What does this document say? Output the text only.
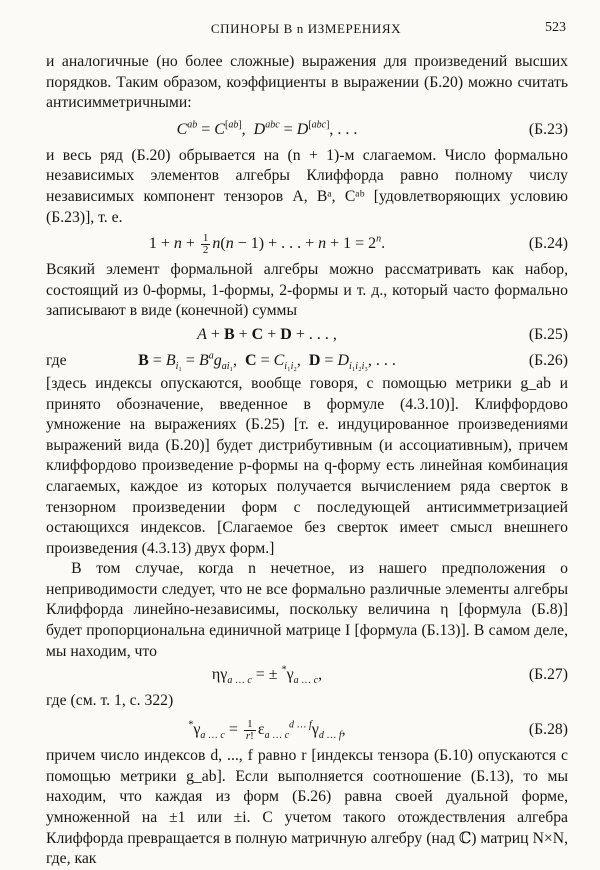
СПИНОРЫ В n ИЗМЕРЕНИЯХ	523

и аналогичные (но более сложные) выражения для произведений высших порядков. Таким образом, коэффициенты в выражении (Б.20) можно считать антисимметричными:

$C^{ab} = C[ab]$,  $D^{abc} = D[abc]$, . . .	(Б.23)

и весь ряд (Б.20) обрывается на (n + 1)-м слагаемом. Число формально независимых элементов алгебры Клиффорда равно полному числу независимых компонент тензоров A, Bᵃ, Cᵃᵇ [удовлетворяющих условию (Б.23)], т. е.

$1 + n + \frac{1}{2} n(n - 1)$ + . . . + $n + 1 = 2^n$.	(Б.24)

Всякий элемент формальной алгебры можно рассматривать как набор, состоящий из 0-формы, 1-формы, 2-формы и т. д., который часто формально записывают в виде (конечной) суммы

A + B + C + D + . . . ,	(Б.25)
где	$B = B_{i_1} = B^ag_{ai_1}$,  $C = C_{i_1i_2}$,  $D = D_{i_1i_2i_3}$, . . .	(Б.26)

[здесь индексы опускаются, вообще говоря, с помощью метрики g_ab и принято обозначение, введенное в формуле (4.3.10)]. Клиффордово умножение на выражениях (Б.25) [т. е. индуцированное произведениями выражений вида (Б.20)] будет дистрибутивным (и ассоциативным), причем клиффордово произведение p-формы на q-форму есть линейная комбинация слагаемых, каждое из которых получается вычислением ряда сверток в тензорном произведении форм с последующей антисимметризацией остающихся индексов. [Слагаемое без сверток имеет смысл внешнего произведения (4.3.13) двух форм.]

В том случае, когда n нечетное, из нашего предположения о неприводимости следует, что не все формально различные элементы алгебры Клиффорда линейно-независимы, поскольку величина η [формула (Б.8)] будет пропорциональна единичной матрице I [формула (Б.13)]. В самом деле, мы находим, что

$\eta\gamma_{a \dots c}$ = ± $^*\gamma_{a \dots c}$,	(Б.27)
где (см. т. 1, с. 322)
$^*\gamma_{a \dots c} = \frac{1}{r!} \varepsilon_{a \dots c}^{d \dots f}\gamma_{d \dots f}$,	(Б.28)

причем число индексов d, ..., f равно r [индексы тензора (Б.10) опускаются с помощью метрики g_ab]. Если выполняется соотношение (Б.13), то мы находим, что каждая из форм (Б.26) равна своей дуальной форме, умноженной на ±1 или ±i. С учетом такого отождествления алгебра Клиффорда превращается в полную матричную алгебру (над ℂ) матриц N×N, где, как
